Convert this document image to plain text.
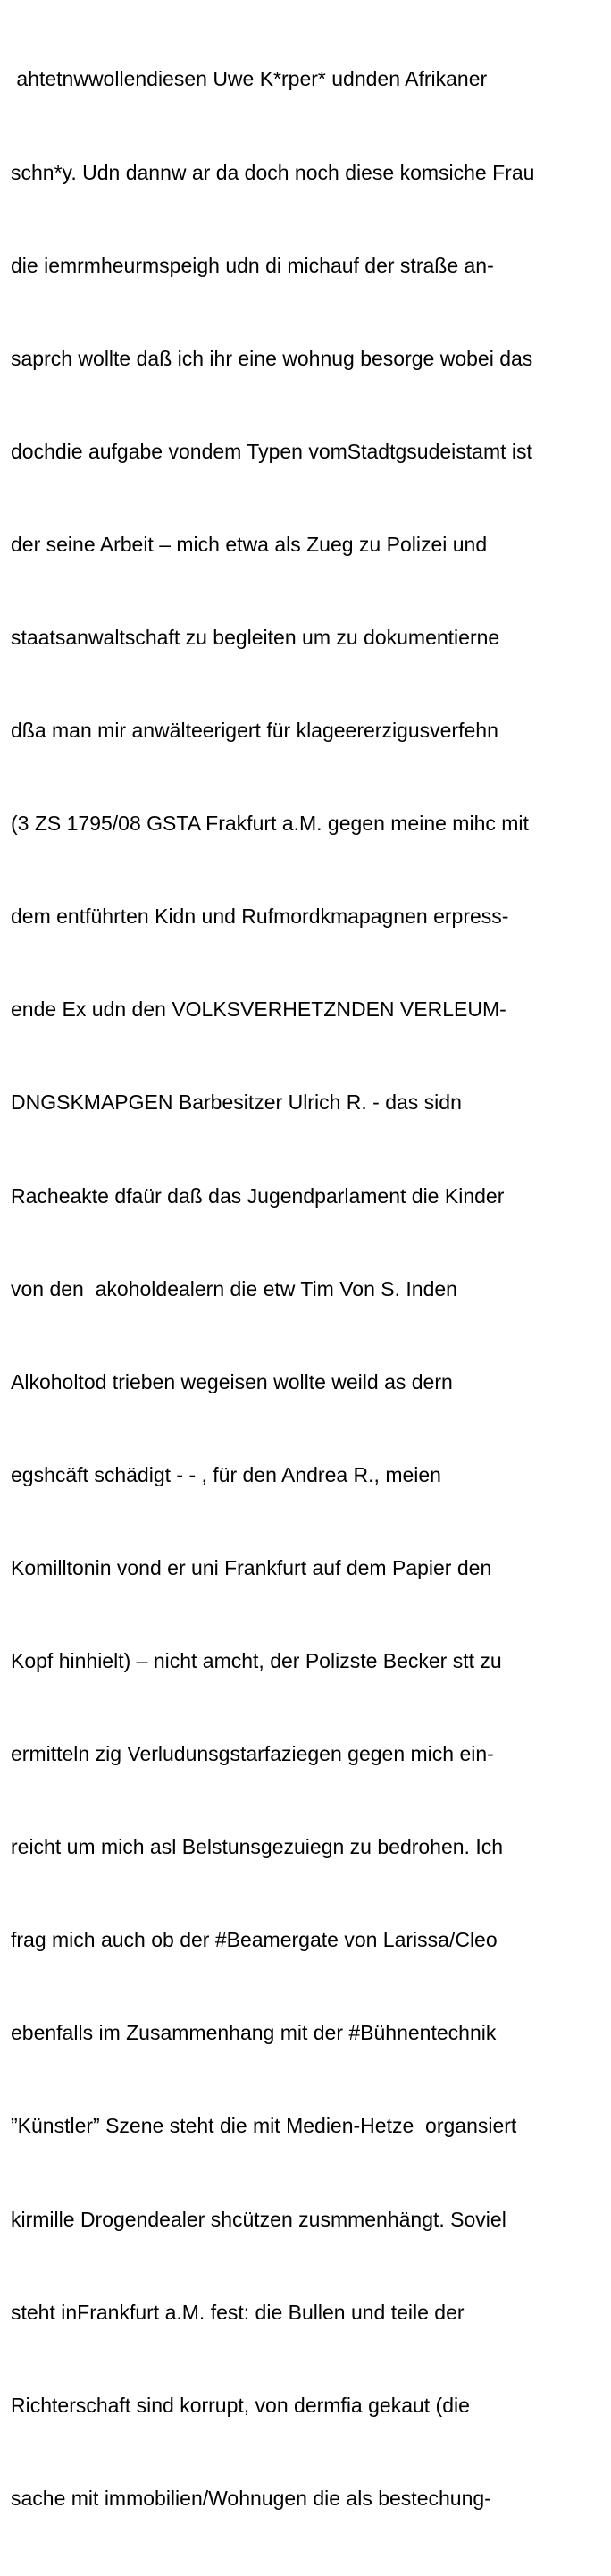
ahtetnwwollendiesen Uwe K*rper* udnden Afrikaner

schn*y. Udn dannw ar da doch noch diese komsiche Frau

die iemrmheurmspeigh udn di michauf der straße an-

saprch wollte daß ich ihr eine wohnug besorge wobei das

dochdie aufgabe vondem Typen vomStadtgsudeistamt ist

der seine Arbeit – mich etwa als Zueg zu Polizei und

staatsanwaltschaft zu begleiten um zu dokumentierne

dßa man mir anwälteerigert für klageererzigusverfehn

(3 ZS 1795/08 GSTA Frakfurt a.M. gegen meine mihc mit

dem entführten Kidn und Rufmordkmapagnen erpress-

ende Ex udn den VOLKSVERHETZNDEN VERLEUM-

DNGSKMAPGEN Barbesitzer Ulrich R. - das sidn

Racheakte dfaür daß das Jugendparlament die Kinder

von den  akoholdealern die etw Tim Von S. Inden

Alkoholtod trieben wegeisen wollte weild as dern

egshcäft schädigt - - , für den Andrea R., meien

Komilltonin vond er uni Frankfurt auf dem Papier den

Kopf hinhielt) – nicht amcht, der Polizste Becker stt zu

ermitteln zig Verludunsgstarfaziegen gegen mich ein-

reicht um mich asl Belstunsgezuiegn zu bedrohen. Ich

frag mich auch ob der #Beamergate von Larissa/Cleo

ebenfalls im Zusammenhang mit der #Bühnentechnik

”Künstler” Szene steht die mit Medien-Hetze  organsiert

kirmille Drogendealer shcützen zusmmenhängt. Soviel

steht inFrankfurt a.M. fest: die Bullen und teile der

Richterschaft sind korrupt, von dermfia gekaut (die

sache mit immobilien/Wohnugen die als bestechung-
